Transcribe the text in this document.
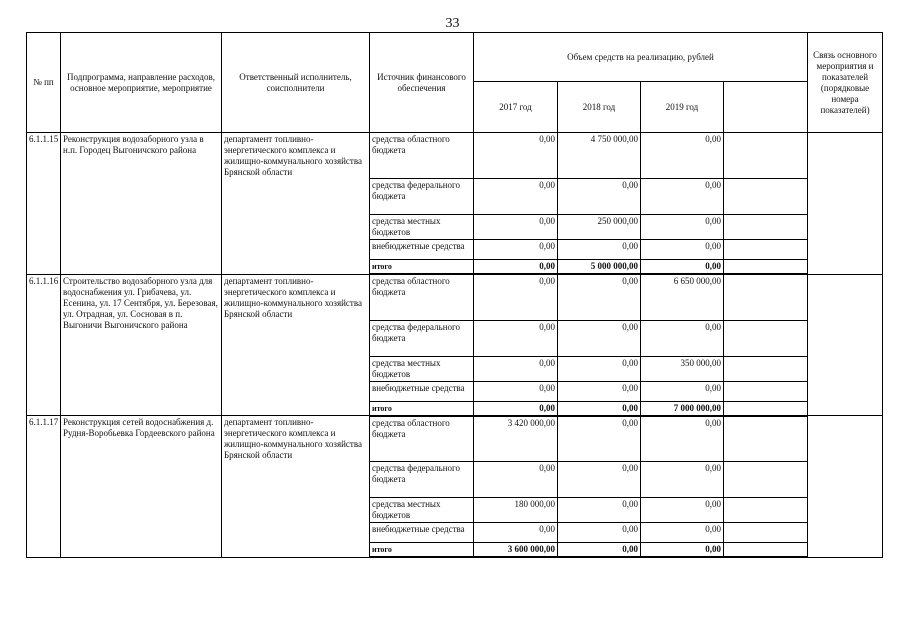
33
№ пп	Подпрограмма, направление расходов, основное мероприятие, мероприятие	Ответственный исполнитель, соисполнители	Источник финансового обеспечения	Объем средств на реализацию, рублей				Связь основного мероприятия и показателей (порядковые номера показателей)
				2017 год	2018 год	2019 год		
6.1.1.15	Реконструкция водозаборного узла в н.п. Городец Выгоничского района	департамент топливно-энергетического комплекса и жилищно-коммунального хозяйства Брянской области	средства областного бюджета	0,00	4 750 000,00	0,00		
			средства федерального бюджета	0,00	0,00	0,00		
			средства местных бюджетов	0,00	250 000,00	0,00		
			внебюджетные средства	0,00	0,00	0,00		
			итого	0,00	5 000 000,00	0,00		
6.1.1.16	Строительство водозаборного узла для водоснабжения ул. Грибачева, ул. Есенина, ул. 17 Сентября, ул. Березовая, ул. Отрадная, ул. Сосновая в п. Выгоничи Выгоничского района	департамент топливно-энергетического комплекса и жилищно-коммунального хозяйства Брянской области	средства областного бюджета	0,00	0,00	6 650 000,00		
			средства федерального бюджета	0,00	0,00	0,00		
			средства местных бюджетов	0,00	0,00	350 000,00		
			внебюджетные средства	0,00	0,00	0,00		
			итого	0,00	0,00	7 000 000,00		
6.1.1.17	Реконструкция сетей водоснабжения д. Рудня-Воробьевка Гордеевского района	департамент топливно-энергетического комплекса и жилищно-коммунального хозяйства Брянской области	средства областного бюджета	3 420 000,00	0,00	0,00		
			средства федерального бюджета	0,00	0,00	0,00		
			средства местных бюджетов	180 000,00	0,00	0,00		
			внебюджетные средства	0,00	0,00	0,00		
			итого	3 600 000,00	0,00	0,00		
